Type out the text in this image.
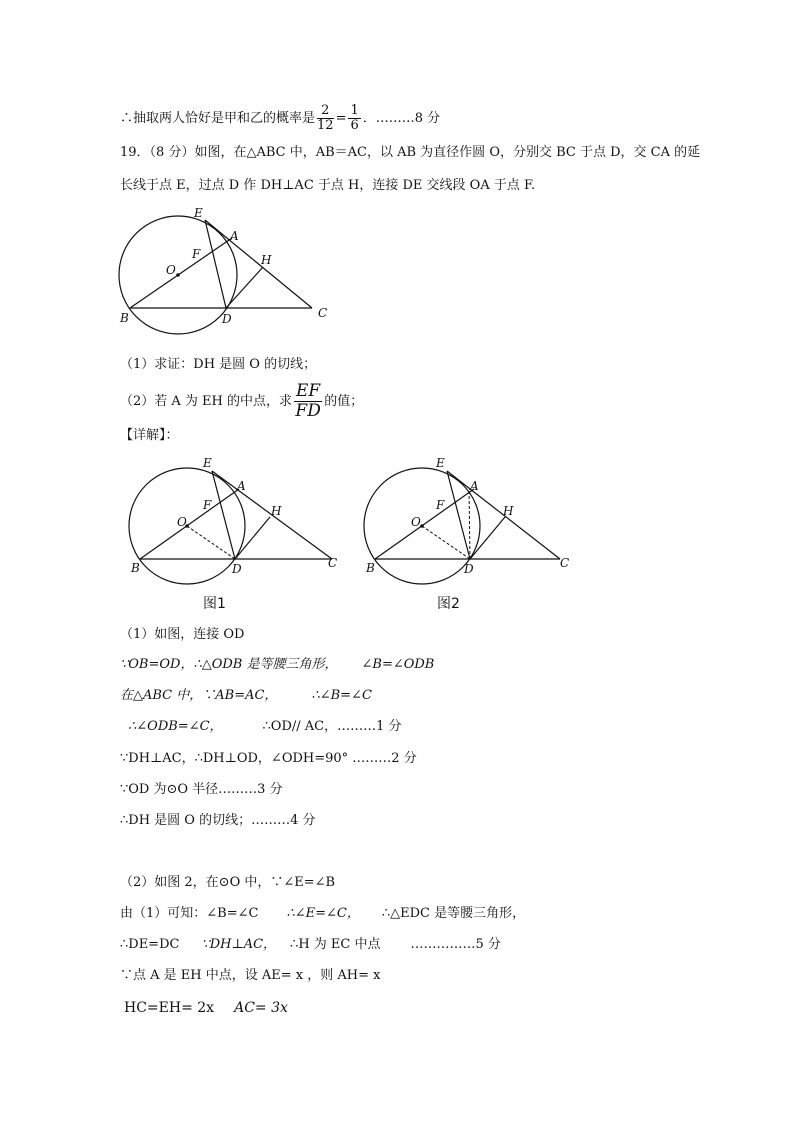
∴抽取两人恰好是甲和乙的概率是 $\frac{2}{12} = \frac{1}{6}$ ．………8 分
19．（8 分）如图，在△ABC 中，AB＝AC，以 AB 为直径作圆 O，分别交 BC 于点 D，交 CA 的延
长线于点 E，过点 D 作 DH⊥AC 于点 H，连接 DE 交线段 OA 于点 F.
E
A
F
O
H
B	D	C
（1）求证：DH 是圆 O 的切线；
（2）若 A 为 EH 的中点，求 $\frac{EF}{FD}$ 的值；
【详解】：
E
A
F
O
H
B	D	C
图1
E
A
F
O
H
B	D	C
图2
（1）如图，连接 OD
∵OB=OD，∴△ODB 是等腰三角形， ∠B=∠ODB
在△ABC 中，∵AB=AC，	∴∠B=∠C
∴∠ODB=∠C，	∴OD// AC，………1 分
∵DH⊥AC，∴DH⊥OD，∠ODH=90° ………2 分
∵OD 为⊙O 半径………3 分
∴DH 是圆 O 的切线；………4 分
（2）如图 2，在⊙O 中，∵∠E=∠B
由（1）可知：∠B=∠C ∴∠E=∠C， ∴△EDC 是等腰三角形，
∴DE=DC ∵DH⊥AC， ∴H 为 EC 中点 ……………5 分
∵点 A 是 EH 中点，设 AE= x ，则 AH= x
HC=EH= 2x AC= 3x
